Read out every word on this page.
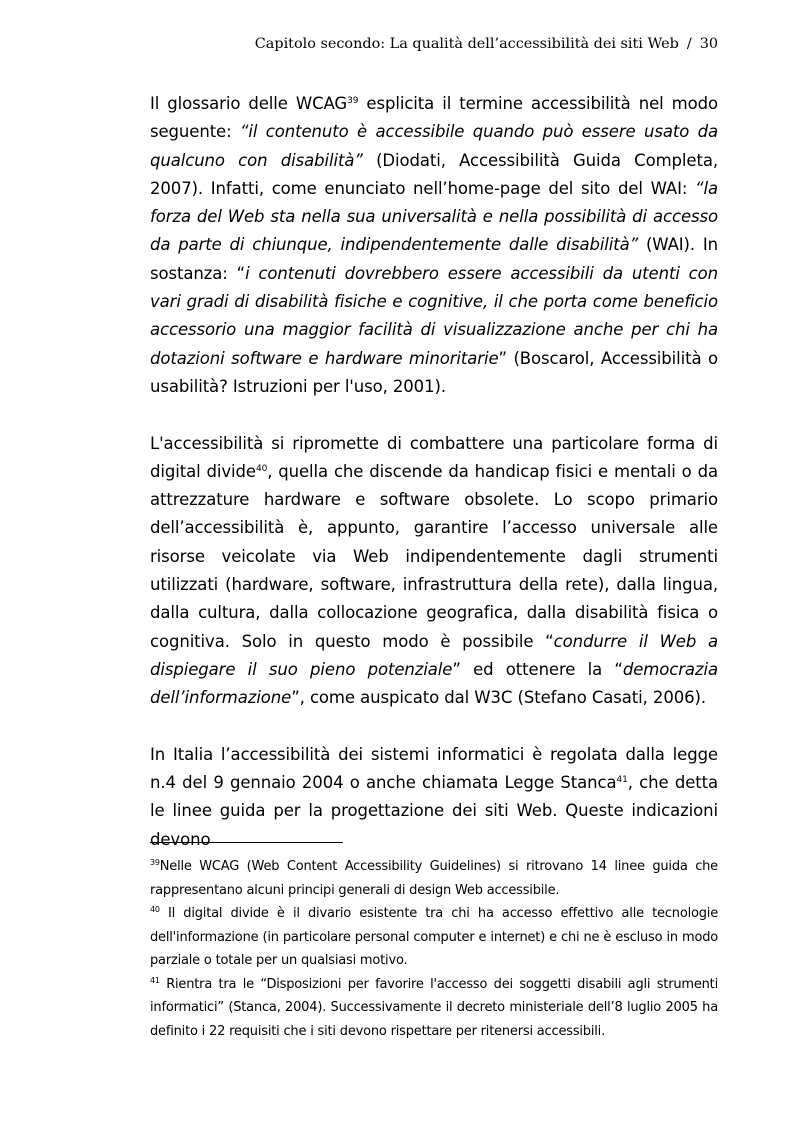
Capitolo secondo: La qualità dell’accessibilità dei siti Web / 30

Il glossario delle WCAG$^{39}$ esplicita il termine accessibilità nel modo seguente: “il contenuto è accessibile quando può essere usato da qualcuno con disabilità” (Diodati, Accessibilità Guida Completa, 2007). Infatti, come enunciato nell’home-page del sito del WAI: “la forza del Web sta nella sua universalità e nella possibilità di accesso da parte di chiunque, indipendentemente dalle disabilità” (WAI). In sostanza: “i contenuti dovrebbero essere accessibili da utenti con vari gradi di disabilità fisiche e cognitive, il che porta come beneficio accessorio una maggior facilità di visualizzazione anche per chi ha dotazioni software e hardware minoritarie” (Boscarol, Accessibilità o usabilità? Istruzioni per l'uso, 2001).

L'accessibilità si ripromette di combattere una particolare forma di digital divide$^{40}$, quella che discende da handicap fisici e mentali o da attrezzature hardware e software obsolete. Lo scopo primario dell’accessibilità è, appunto, garantire l’accesso universale alle risorse veicolate via Web indipendentemente dagli strumenti utilizzati (hardware, software, infrastruttura della rete), dalla lingua, dalla cultura, dalla collocazione geografica, dalla disabilità fisica o cognitiva. Solo in questo modo è possibile “condurre il Web a dispiegare il suo pieno potenziale” ed ottenere la “democrazia dell’informazione”, come auspicato dal W3C (Stefano Casati, 2006).

In Italia l’accessibilità dei sistemi informatici è regolata dalla legge n.4 del 9 gennaio 2004 o anche chiamata Legge Stanca$^{41}$, che detta le linee guida per la progettazione dei siti Web. Queste indicazioni devono

$^{39}$Nelle WCAG (Web Content Accessibility Guidelines) si ritrovano 14 linee guida che rappresentano alcuni principi generali di design Web accessibile.

$^{40}$ Il digital divide è il divario esistente tra chi ha accesso effettivo alle tecnologie dell'informazione (in particolare personal computer e internet) e chi ne è escluso in modo parziale o totale per un qualsiasi motivo.

$^{41}$ Rientra tra le “Disposizioni per favorire l'accesso dei soggetti disabili agli strumenti informatici” (Stanca, 2004). Successivamente il decreto ministeriale dell’8 luglio 2005 ha definito i 22 requisiti che i siti devono rispettare per ritenersi accessibili.
